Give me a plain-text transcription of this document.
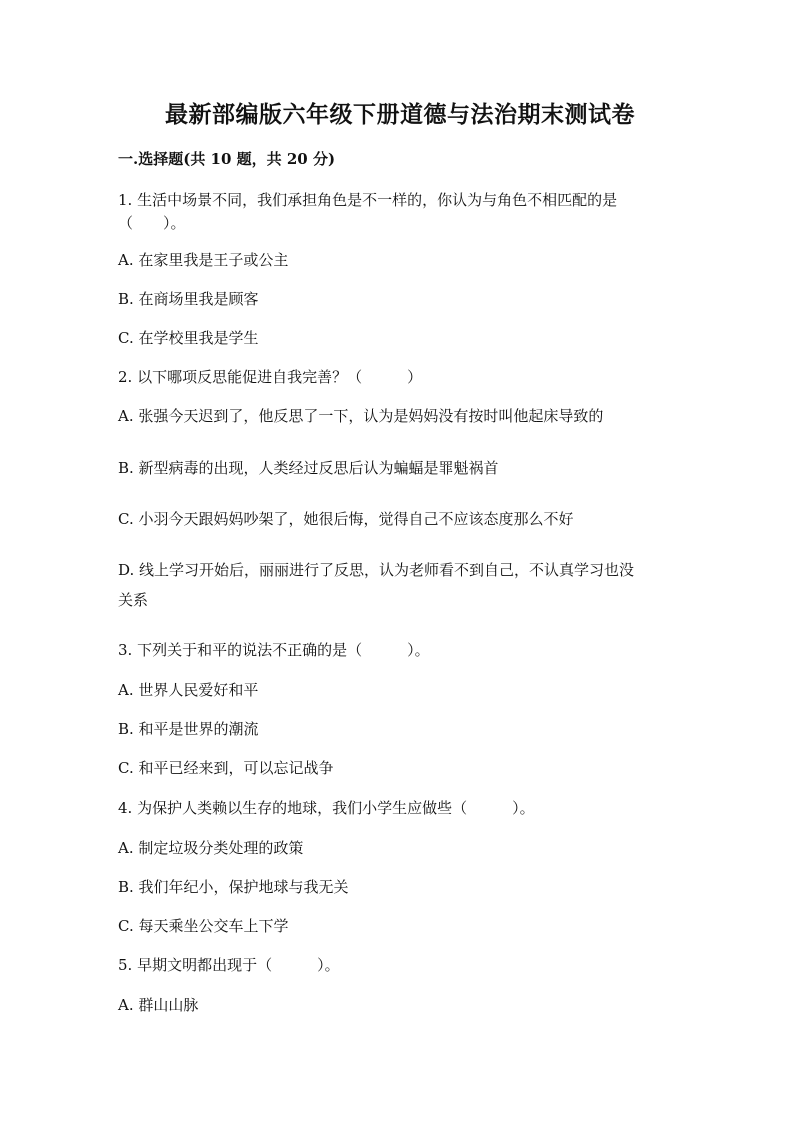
最新部编版六年级下册道德与法治期末测试卷
一.选择题(共 10 题，共 20 分)
1. 生活中场景不同，我们承担角色是不一样的，你认为与角色不相匹配的是
（　　）。
A. 在家里我是王子或公主
B. 在商场里我是顾客
C. 在学校里我是学生
2. 以下哪项反思能促进自我完善？（　　　）
A. 张强今天迟到了，他反思了一下，认为是妈妈没有按时叫他起床导致的
B. 新型病毒的出现，人类经过反思后认为蝙蝠是罪魁祸首
C. 小羽今天跟妈妈吵架了，她很后悔，觉得自己不应该态度那么不好
D. 线上学习开始后，丽丽进行了反思，认为老师看不到自己，不认真学习也没
关系
3. 下列关于和平的说法不正确的是（　　　）。
A. 世界人民爱好和平
B. 和平是世界的潮流
C. 和平已经来到，可以忘记战争
4. 为保护人类赖以生存的地球，我们小学生应做些（　　　）。
A. 制定垃圾分类处理的政策
B. 我们年纪小，保护地球与我无关
C. 每天乘坐公交车上下学
5. 早期文明都出现于（　　　）。
A. 群山山脉
